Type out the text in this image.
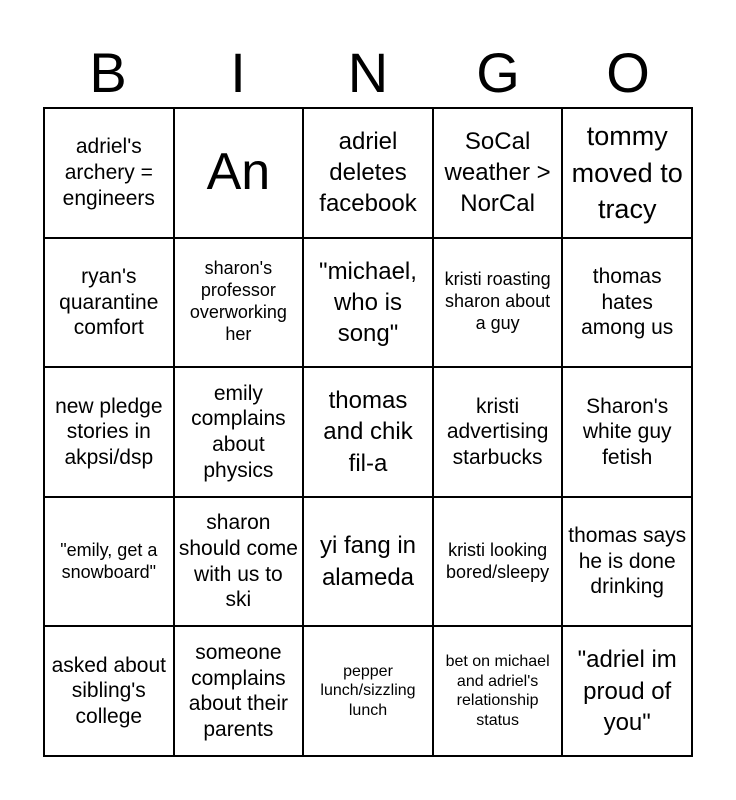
B	I	N	G	O
adriel's archery = engineers An
adriel deletes facebook
SoCal weather > NorCal
tommy moved to tracy
ryan's quarantine comfort
sharon's professor overworking her
"michael, who is song"
kristi roasting sharon about a guy
thomas hates among us
new pledge stories in akpsi/dsp
emily complains about physics
thomas and chik fil-a
kristi advertising starbucks
Sharon's white guy fetish
"emily, get a snowboard"
sharon should come with us to ski
yi fang in alameda
kristi looking bored/sleepy
thomas says he is done drinking
asked about sibling's college
someone complains about their parents
pepper lunch/sizzling lunch
bet on michael and adriel's relationship status
"adriel im proud of you"
